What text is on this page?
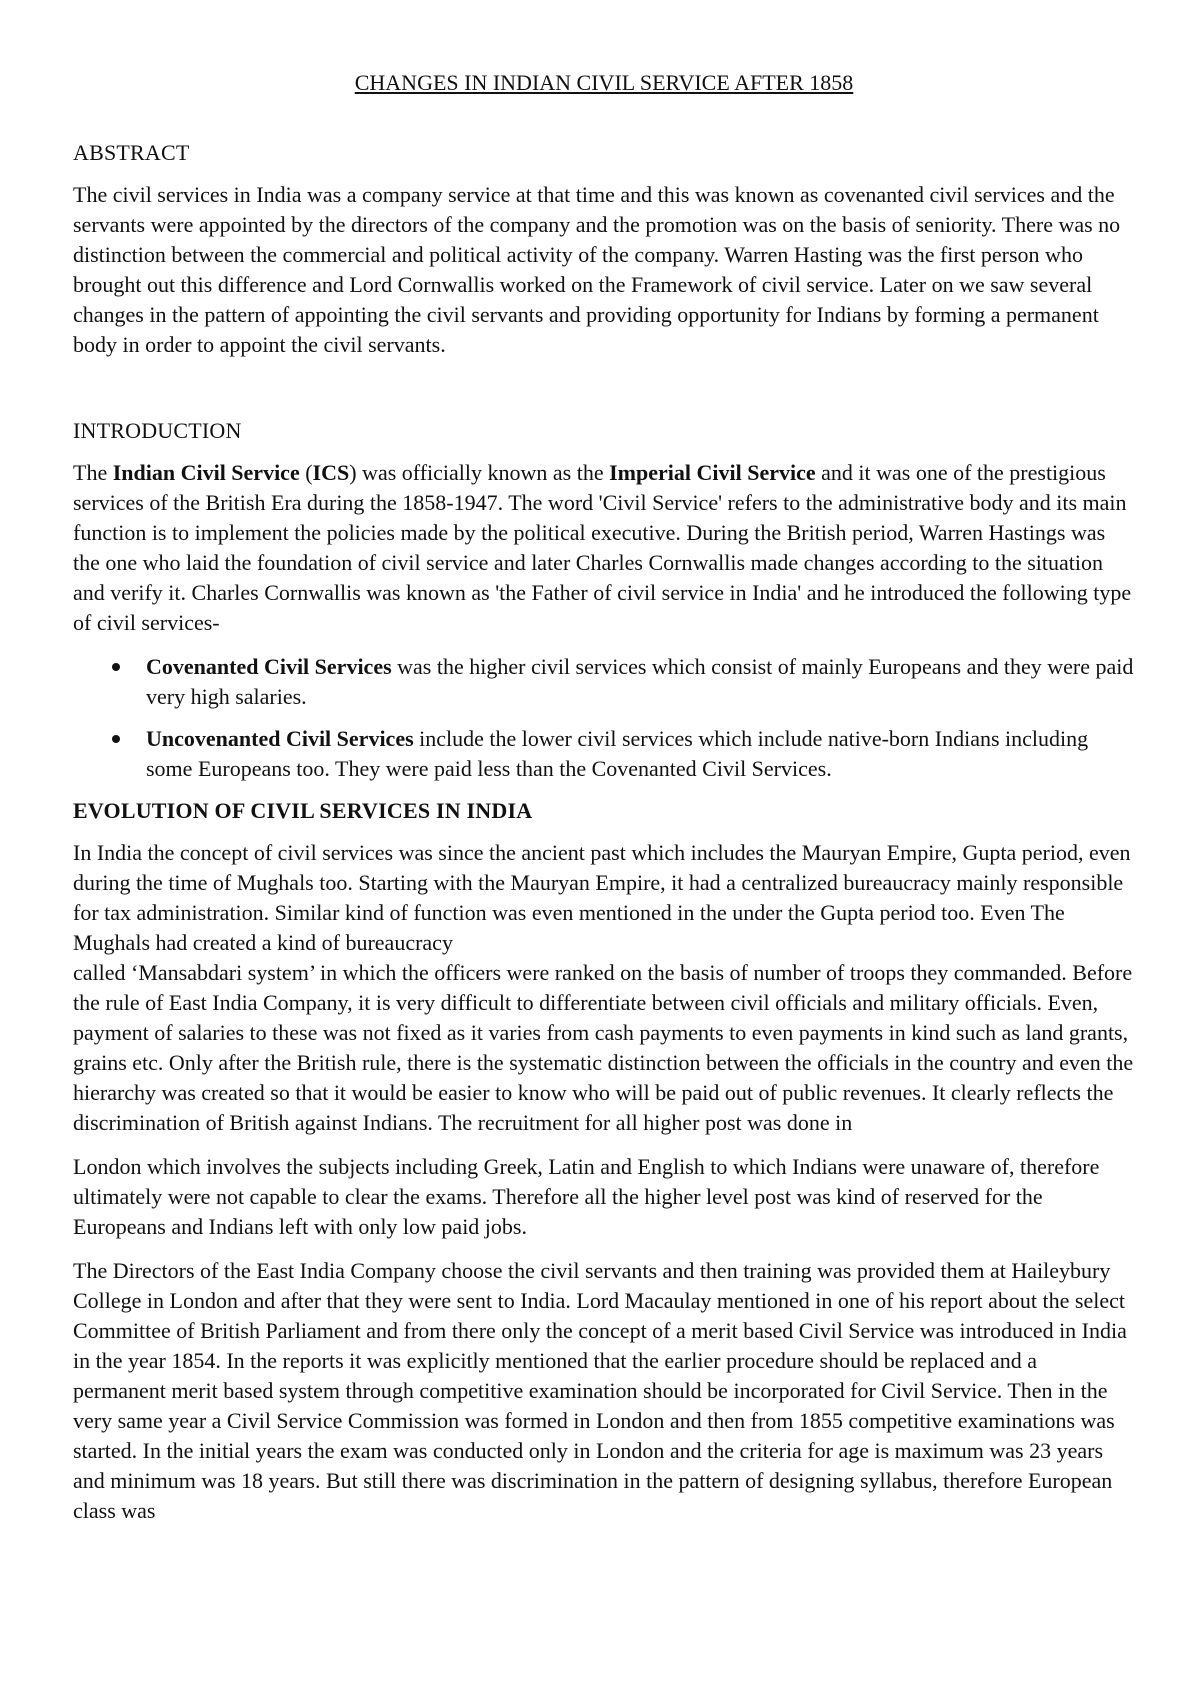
CHANGES IN INDIAN CIVIL SERVICE AFTER 1858
ABSTRACT

The civil services in India was a company service at that time and this was known as covenanted civil services and the servants were appointed by the directors of the company and the promotion was on the basis of seniority. There was no distinction between the commercial and political activity of the company. Warren Hasting was the first person who brought out this difference and Lord Cornwallis worked on the Framework of civil service. Later on we saw several changes in the pattern of appointing the civil servants and providing opportunity for Indians by forming a permanent body in order to appoint the civil servants.

INTRODUCTION

The Indian Civil Service (ICS) was officially known as the Imperial Civil Service and it was one of the prestigious services of the British Era during the 1858-1947. The word 'Civil Service' refers to the administrative body and its main function is to implement the policies made by the political executive. During the British period, Warren Hastings was the one who laid the foundation of civil service and later Charles Cornwallis made changes according to the situation and verify it. Charles Cornwallis was known as 'the Father of civil service in India' and he introduced the following type of civil services-

Covenanted Civil Services was the higher civil services which consist of mainly Europeans and they were paid very high salaries.
Uncovenanted Civil Services include the lower civil services which include native-born Indians including some Europeans too. They were paid less than the Covenanted Civil Services.
EVOLUTION OF CIVIL SERVICES IN INDIA

In India the concept of civil services was since the ancient past which includes the Mauryan Empire, Gupta period, even during the time of Mughals too. Starting with the Mauryan Empire, it had a centralized bureaucracy mainly responsible for tax administration. Similar kind of function was even mentioned in the under the Gupta period too. Even The Mughals had created a kind of bureaucracy
called ‘Mansabdari system’ in which the officers were ranked on the basis of number of troops they commanded. Before the rule of East India Company, it is very difficult to differentiate between civil officials and military officials. Even, payment of salaries to these was not fixed as it varies from cash payments to even payments in kind such as land grants, grains etc. Only after the British rule, there is the systematic distinction between the officials in the country and even the hierarchy was created so that it would be easier to know who will be paid out of public revenues. It clearly reflects the discrimination of British against Indians. The recruitment for all higher post was done in

London which involves the subjects including Greek, Latin and English to which Indians were unaware of, therefore ultimately were not capable to clear the exams. Therefore all the higher level post was kind of reserved for the Europeans and Indians left with only low paid jobs.

The Directors of the East India Company choose the civil servants and then training was provided them at Haileybury College in London and after that they were sent to India. Lord Macaulay mentioned in one of his report about the select Committee of British Parliament and from there only the concept of a merit based Civil Service was introduced in India in the year 1854. In the reports it was explicitly mentioned that the earlier procedure should be replaced and a permanent merit based system through competitive examination should be incorporated for Civil Service. Then in the very same year a Civil Service Commission was formed in London and then from 1855 competitive examinations was started. In the initial years the exam was conducted only in London and the criteria for age is maximum was 23 years and minimum was 18 years. But still there was discrimination in the pattern of designing syllabus, therefore European class was
